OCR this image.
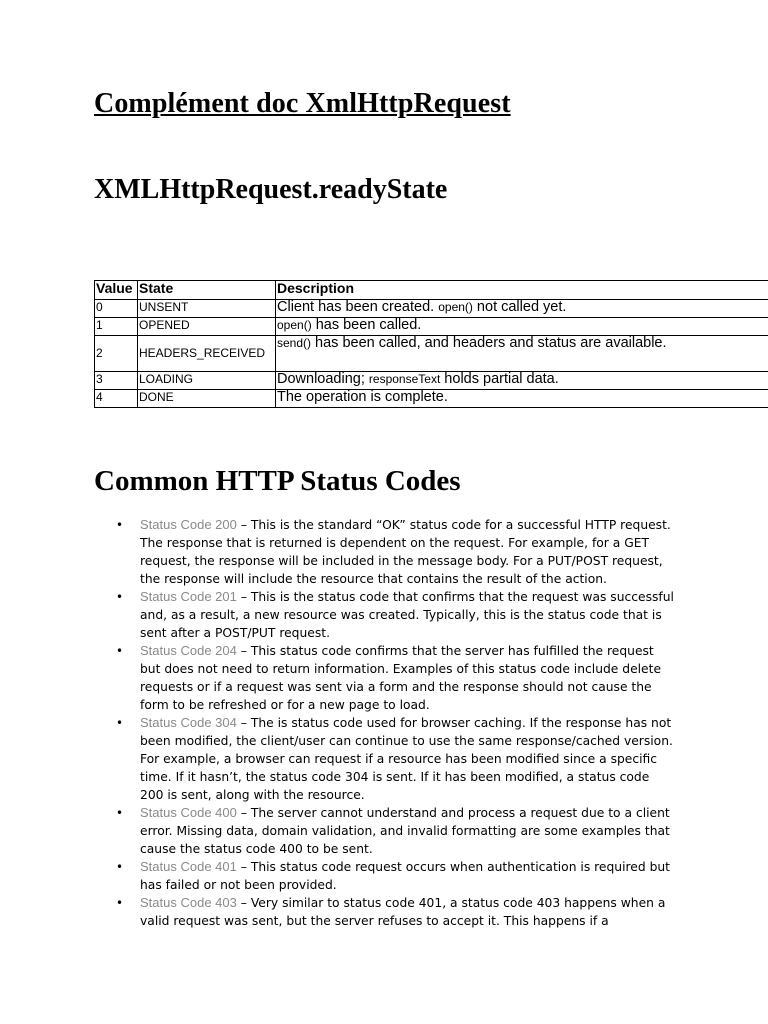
Complément doc XmlHttpRequest
XMLHttpRequest.readyState
Value	State	Description
0	UNSENT	Client has been created. open() not called yet.
1	OPENED	open() has been called.
2	HEADERS_RECEIVED	send() has been called, and headers and status are available.
3	LOADING	Downloading; responseText holds partial data.
4	DONE	The operation is complete.
Common HTTP Status Codes
• Status Code 200 – This is the standard “OK” status code for a successful HTTP request. The response that is returned is dependent on the request. For example, for a GET request, the response will be included in the message body. For a PUT/POST request, the response will include the resource that contains the result of the action.
• Status Code 201 – This is the status code that confirms that the request was successful and, as a result, a new resource was created. Typically, this is the status code that is sent after a POST/PUT request.
• Status Code 204 – This status code confirms that the server has fulfilled the request but does not need to return information. Examples of this status code include delete requests or if a request was sent via a form and the response should not cause the form to be refreshed or for a new page to load.
• Status Code 304 – The is status code used for browser caching. If the response has not been modified, the client/user can continue to use the same response/cached version. For example, a browser can request if a resource has been modified since a specific time. If it hasn’t, the status code 304 is sent. If it has been modified, a status code 200 is sent, along with the resource.
• Status Code 400 – The server cannot understand and process a request due to a client error. Missing data, domain validation, and invalid formatting are some examples that cause the status code 400 to be sent.
• Status Code 401 – This status code request occurs when authentication is required but has failed or not been provided.
• Status Code 403 – Very similar to status code 401, a status code 403 happens when a valid request was sent, but the server refuses to accept it. This happens if a
